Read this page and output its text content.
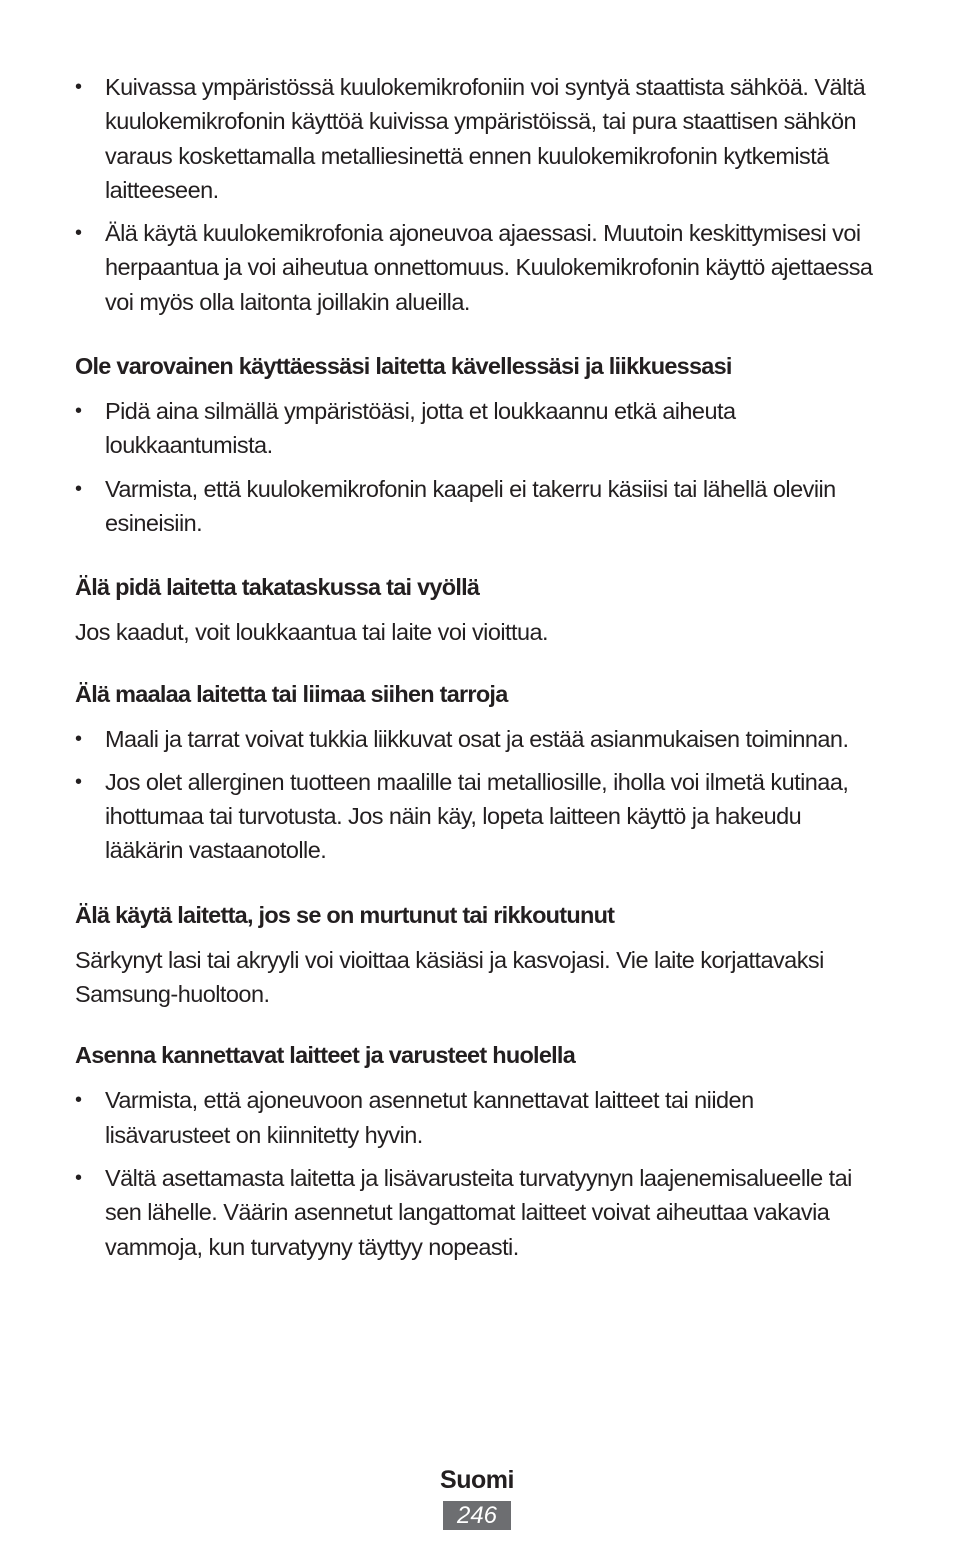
• Kuivassa ympäristössä kuulokemikrofoniin voi syntyä staattista sähköä. Vältä kuulokemikrofonin käyttöä kuivissa ympäristöissä, tai pura staattisen sähkön varaus koskettamalla metalliesinettä ennen kuulokemikrofonin kytkemistä laitteeseen.
• Älä käytä kuulokemikrofonia ajoneuvoa ajaessasi. Muutoin keskittymisesi voi herpaantua ja voi aiheutua onnettomuus. Kuulokemikrofonin käyttö ajettaessa voi myös olla laitonta joillakin alueilla.
Ole varovainen käyttäessäsi laitetta kävellessäsi ja liikkuessasi
• Pidä aina silmällä ympäristöäsi, jotta et loukkaannu etkä aiheuta loukkaantumista.
• Varmista, että kuulokemikrofonin kaapeli ei takerru käsiisi tai lähellä oleviin esineisiin.
Älä pidä laitetta takataskussa tai vyöllä

Jos kaadut, voit loukkaantua tai laite voi vioittua.

Älä maalaa laitetta tai liimaa siihen tarroja
• Maali ja tarrat voivat tukkia liikkuvat osat ja estää asianmukaisen toiminnan.
• Jos olet allerginen tuotteen maalille tai metalliosille, iholla voi ilmetä kutinaa, ihottumaa tai turvotusta. Jos näin käy, lopeta laitteen käyttö ja hakeudu lääkärin vastaanotolle.
Älä käytä laitetta, jos se on murtunut tai rikkoutunut

Särkynyt lasi tai akryyli voi vioittaa käsiäsi ja kasvojasi. Vie laite korjattavaksi Samsung-huoltoon.

Asenna kannettavat laitteet ja varusteet huolella
• Varmista, että ajoneuvoon asennetut kannettavat laitteet tai niiden lisävarusteet on kiinnitetty hyvin.
• Vältä asettamasta laitetta ja lisävarusteita turvatyynyn laajenemisalueelle tai sen lähelle. Väärin asennetut langattomat laitteet voivat aiheuttaa vakavia vammoja, kun turvatyyny täyttyy nopeasti.
Suomi
246
